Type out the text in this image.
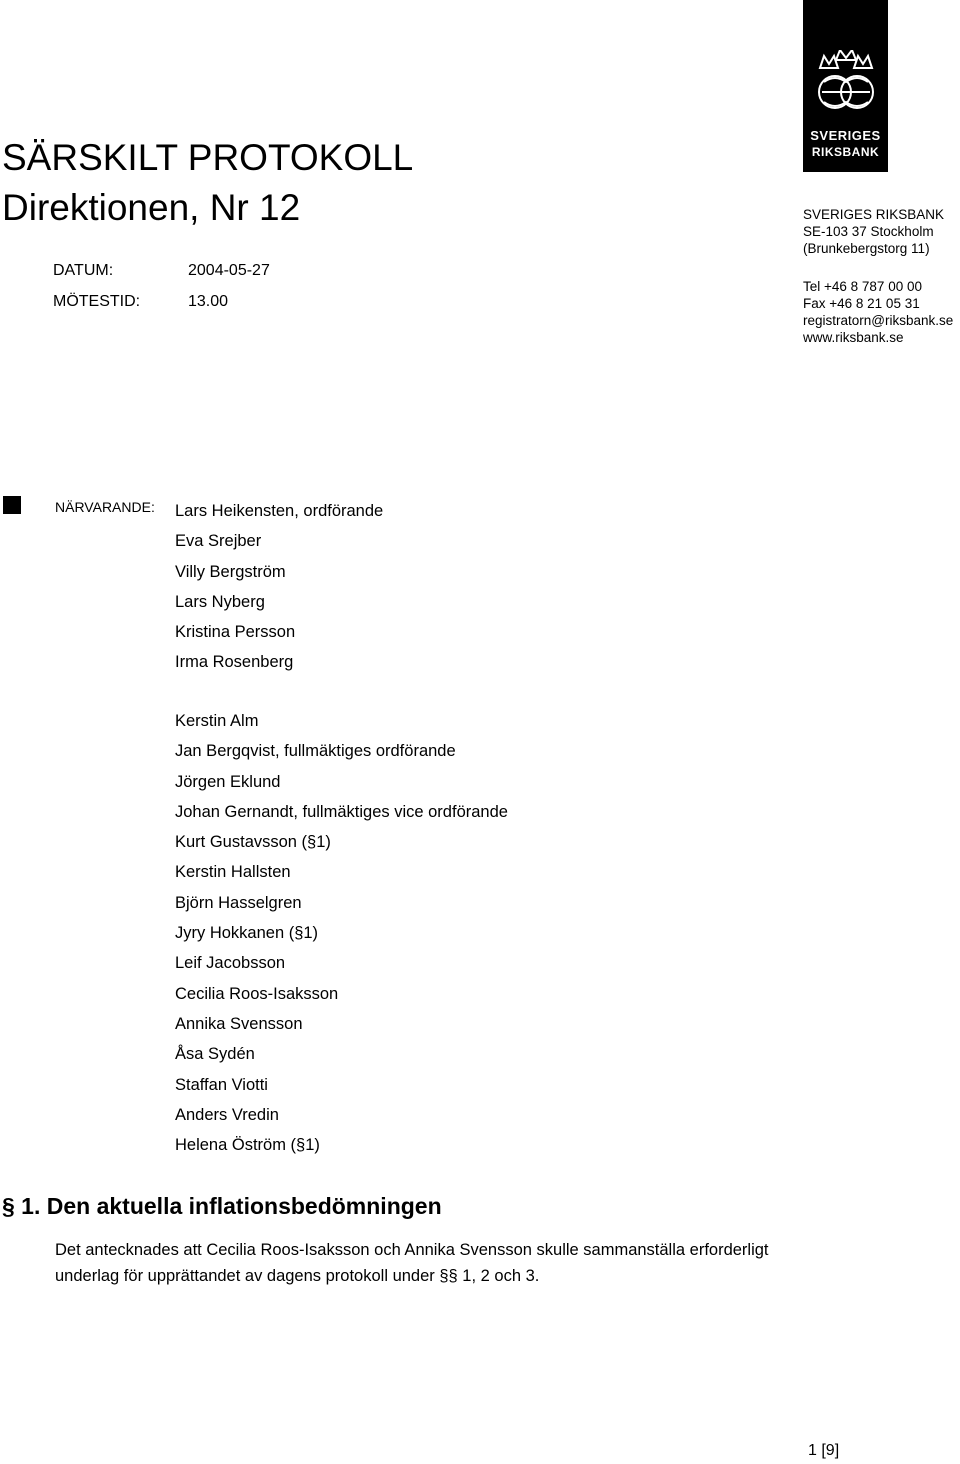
SÄRSKILT PROTOKOLL
Direktionen, Nr 12
DATUM:	2004-05-27
MÖTESTID:	13.00
SVERIGES
RIKSBANK
SVERIGES RIKSBANK
SE-103 37 Stockholm
(Brunkebergstorg 11)
Tel +46 8 787 00 00
Fax +46 8 21 05 31
registratorn@riksbank.se
www.riksbank.se
NÄRVARANDE: Lars Heikensten, ordförande
Eva Srejber
Villy Bergström
Lars Nyberg
Kristina Persson
Irma Rosenberg
Kerstin Alm
Jan Bergqvist, fullmäktiges ordförande
Jörgen Eklund
Johan Gernandt, fullmäktiges vice ordförande
Kurt Gustavsson (§1)
Kerstin Hallsten
Björn Hasselgren
Jyry Hokkanen (§1)
Leif Jacobsson
Cecilia Roos-Isaksson
Annika Svensson
Åsa Sydén
Staffan Viotti
Anders Vredin
Helena Öström (§1)
§ 1. Den aktuella inflationsbedömningen
Det antecknades att Cecilia Roos-Isaksson och Annika Svensson skulle sammanställa erforderligt underlag för upprättandet av dagens protokoll under §§ 1, 2 och 3.
1 [9]
